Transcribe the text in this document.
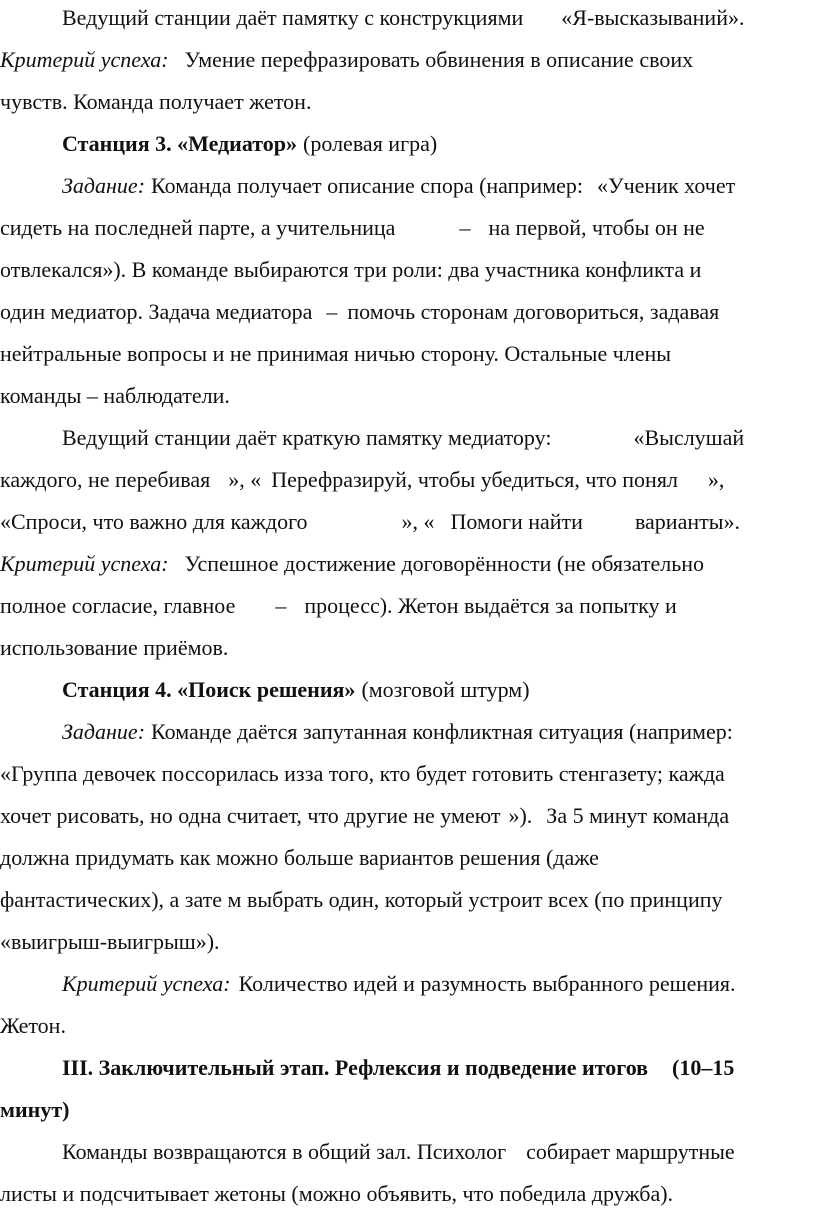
Ведущий станции даёт памятку с конструкциями «Я-высказываний».
Критерий успеха: Умение перефразировать обвинения в описание своих
чувств. Команда получает жетон.
Станция 3. «Медиатор» (ролевая игра)
Задание: Команда получает описание спора (например: «Ученик хочет
сидеть на последней парте, а учительница	– на первой, чтобы он не
отвлекался»). В команде выбираются три роли: два участника конфликта и
один медиатор. Задача медиатора – помочь сторонам договориться, задавая
нейтральные вопросы и не принимая ничью сторону. Остальные члены
команды – наблюдатели.
Ведущий станции даёт краткую памятку медиатору:	«Выслушай
каждого, не перебивая », « Перефразируй, чтобы убедиться, что понял »,
«Спроси, что важно для каждого	», « Помоги найти варианты».
Критерий успеха: Успешное достижение договорённости (не обязательно
полное согласие, главное – процесс). Жетон выдаётся за попытку и
использование приёмов.
Станция 4. «Поиск решения» (мозговой штурм)
Задание: Команде даётся запутанная конфликтная ситуация (например:
«Группа девочек поссорилась изза того, кто будет готовить стенгазету; кажда
хочет рисовать, но одна считает, что другие не умеют »). За 5 минут команда
должна придумать как можно больше вариантов решения (даже
фантастических), а зате м выбрать один, который устроит всех (по принципу
«выигрыш-выигрыш»).
Критерий успеха: Количество идей и разумность выбранного решения.
Жетон.
III. Заключительный этап. Рефлексия и подведение итогов (10–15
минут)
Команды возвращаются в общий зал. Психолог собирает маршрутные
листы и подсчитывает жетоны (можно объявить, что победила дружба).
